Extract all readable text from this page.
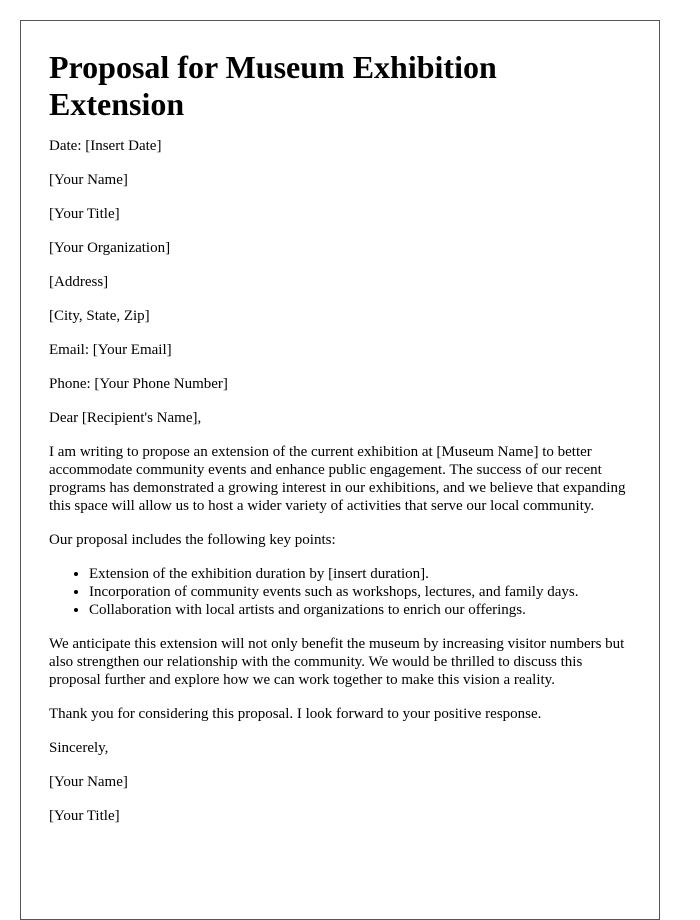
Proposal for Museum Exhibition Extension

Date: [Insert Date]

[Your Name]

[Your Title]

[Your Organization]

[Address]

[City, State, Zip]

Email: [Your Email]

Phone: [Your Phone Number]

Dear [Recipient's Name],

I am writing to propose an extension of the current exhibition at [Museum Name] to better accommodate community events and enhance public engagement. The success of our recent programs has demonstrated a growing interest in our exhibitions, and we believe that expanding this space will allow us to host a wider variety of activities that serve our local community.

Our proposal includes the following key points:

• Extension of the exhibition duration by [insert duration].
• Incorporation of community events such as workshops, lectures, and family days.
• Collaboration with local artists and organizations to enrich our offerings.

We anticipate this extension will not only benefit the museum by increasing visitor numbers but also strengthen our relationship with the community. We would be thrilled to discuss this proposal further and explore how we can work together to make this vision a reality.

Thank you for considering this proposal. I look forward to your positive response.

Sincerely,

[Your Name]

[Your Title]
